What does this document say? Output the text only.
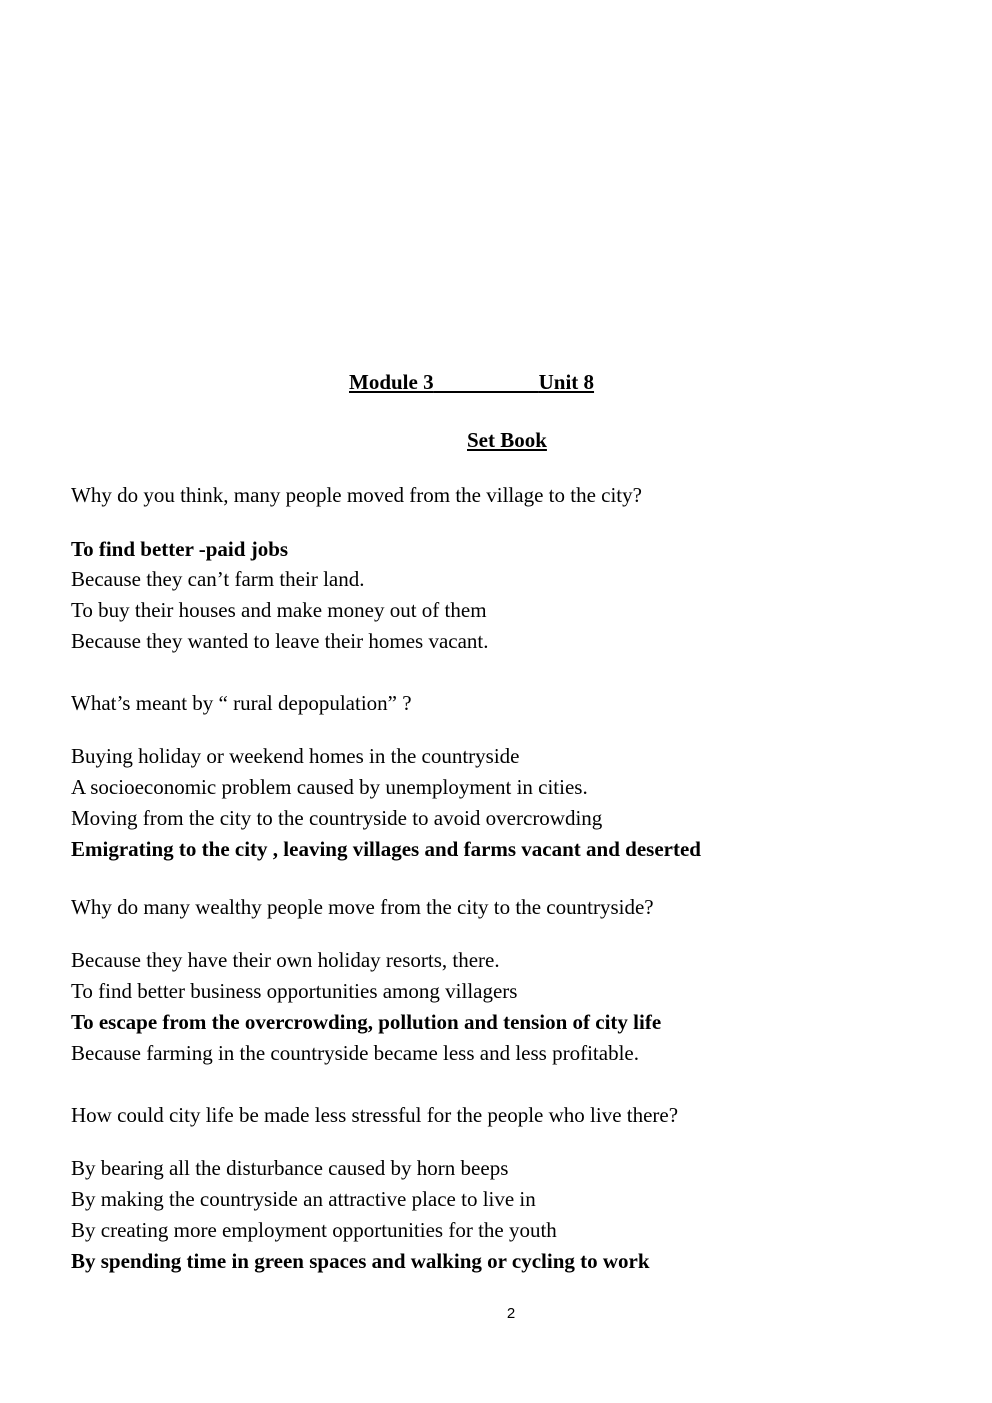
Module 3	Unit 8
Set Book
Why do you think, many people moved from the village to the city?
To find better -paid jobs
Because they can’t farm their land.
To buy their houses and make money out of them
Because they wanted to leave their homes vacant.
What’s meant by “ rural depopulation” ?
Buying holiday or weekend homes in the countryside
A socioeconomic problem caused by unemployment in cities.
Moving from the city to the countryside to avoid overcrowding
Emigrating to the city , leaving villages and farms vacant and deserted
Why do many wealthy people move from the city to the countryside?
Because they have their own holiday resorts, there.
To find better business opportunities among villagers
To escape from the overcrowding, pollution and tension of city life
Because farming in the countryside became less and less profitable.
How could city life be made less stressful for the people who live there?
By bearing all the disturbance caused by horn beeps
By making the countryside an attractive place to live in
By creating more employment opportunities for the youth
By spending time in green spaces and walking or cycling to work
2
